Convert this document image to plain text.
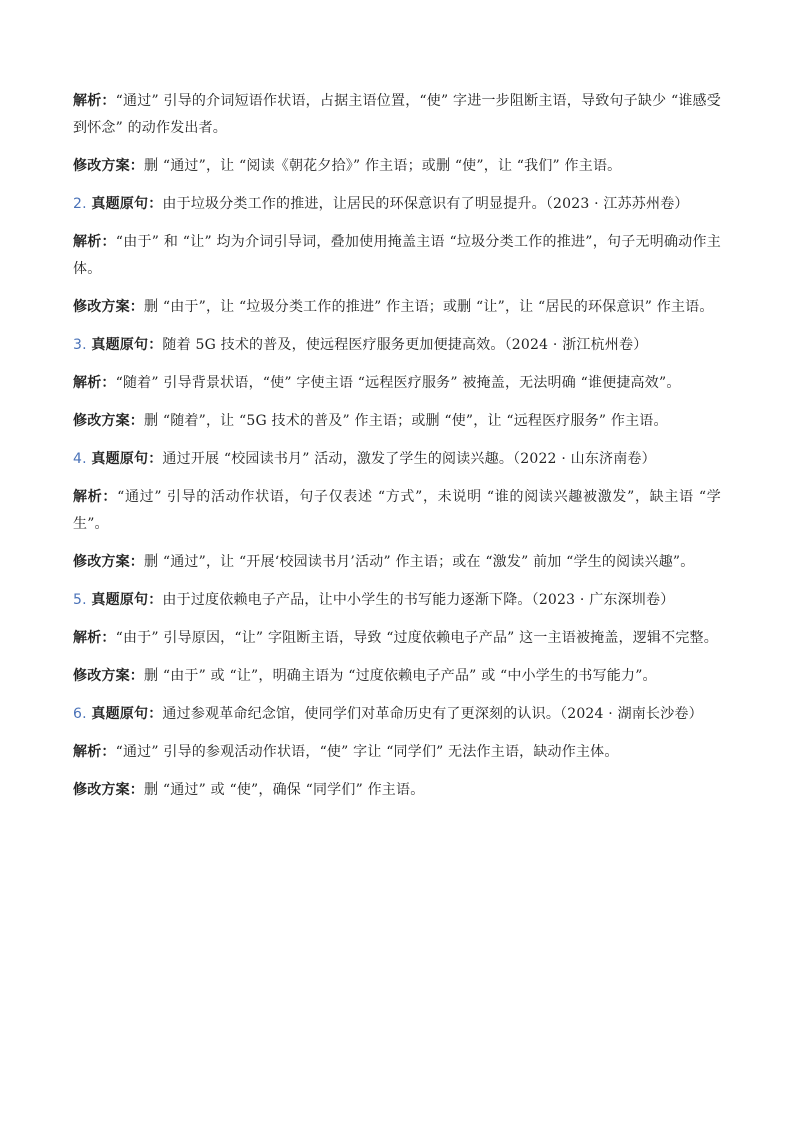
解析：“通过” 引导的介词短语作状语，占据主语位置，“使” 字进一步阻断主语，导致句子缺少 “谁感受到怀念” 的动作发出者。

修改方案：删 “通过”，让 “阅读《朝花夕拾》” 作主语；或删 “使”，让 “我们” 作主语。

2. 真题原句：由于垃圾分类工作的推进，让居民的环保意识有了明显提升。（2023 · 江苏苏州卷）

解析：“由于” 和 “让” 均为介词引导词，叠加使用掩盖主语 “垃圾分类工作的推进”，句子无明确动作主体。

修改方案：删 “由于”，让 “垃圾分类工作的推进” 作主语；或删 “让”，让 “居民的环保意识” 作主语。

3. 真题原句：随着 5G 技术的普及，使远程医疗服务更加便捷高效。（2024 · 浙江杭州卷）

解析：“随着” 引导背景状语，“使” 字使主语 “远程医疗服务” 被掩盖，无法明确 “谁便捷高效”。

修改方案：删 “随着”，让 “5G 技术的普及” 作主语；或删 “使”，让 “远程医疗服务” 作主语。

4. 真题原句：通过开展 “校园读书月” 活动，激发了学生的阅读兴趣。（2022 · 山东济南卷）

解析：“通过” 引导的活动作状语，句子仅表述 “方式”，未说明 “谁的阅读兴趣被激发”，缺主语 “学生”。

修改方案：删 “通过”，让 “开展‘校园读书月’活动” 作主语；或在 “激发” 前加 “学生的阅读兴趣”。

5. 真题原句：由于过度依赖电子产品，让中小学生的书写能力逐渐下降。（2023 · 广东深圳卷）

解析：“由于” 引导原因，“让” 字阻断主语，导致 “过度依赖电子产品” 这一主语被掩盖，逻辑不完整。

修改方案：删 “由于” 或 “让”，明确主语为 “过度依赖电子产品” 或 “中小学生的书写能力”。

6. 真题原句：通过参观革命纪念馆，使同学们对革命历史有了更深刻的认识。（2024 · 湖南长沙卷）

解析：“通过” 引导的参观活动作状语，“使” 字让 “同学们” 无法作主语，缺动作主体。

修改方案：删 “通过” 或 “使”，确保 “同学们” 作主语。
